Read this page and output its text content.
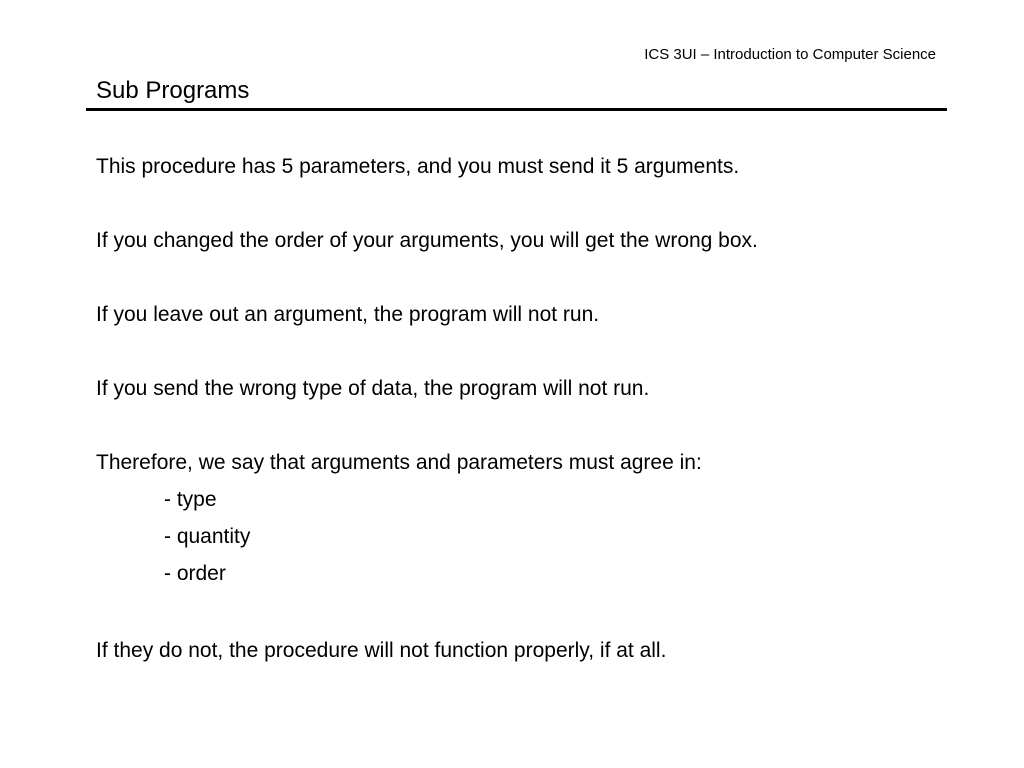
ICS 3UI – Introduction to Computer Science
Sub Programs

This procedure has 5 parameters, and you must send it 5 arguments.

If you changed the order of your arguments, you will get the wrong box.

If you leave out an argument, the program will not run.

If you send the wrong type of data, the program will not run.

Therefore, we say that arguments and parameters must agree in:

- type
- quantity
- order

If they do not, the procedure will not function properly, if at all.
